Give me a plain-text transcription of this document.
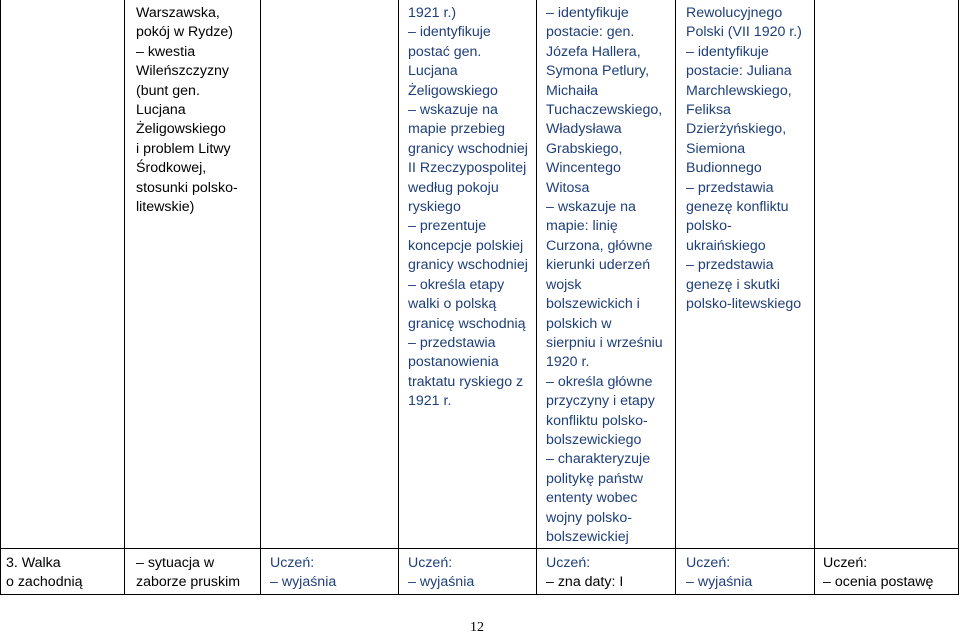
Warszawska,
pokój w Rydze)
– kwestia
Wileńszczyzny
(bunt gen.
Lucjana
Żeligowskiego
i problem Litwy
Środkowej,
stosunki polsko-
litewskie)
1921 r.)
– identyfikuje
postać gen.
Lucjana
Żeligowskiego
– wskazuje na
mapie przebieg
granicy wschodniej
II Rzeczypospolitej
według pokoju
ryskiego
– prezentuje
koncepcje polskiej
granicy wschodniej
– określa etapy
walki o polską
granicę wschodnią
– przedstawia
postanowienia
traktatu ryskiego z
1921 r.
– identyfikuje
postacie: gen.
Józefa Hallera,
Symona Petlury,
Michaiła
Tuchaczewskiego,
Władysława
Grabskiego,
Wincentego
Witosa
– wskazuje na
mapie: linię
Curzona, główne
kierunki uderzeń
wojsk
bolszewickich i
polskich w
sierpniu i wrześniu
1920 r.
– określa główne
przyczyny i etapy
konfliktu polsko-
bolszewickiego
– charakteryzuje
politykę państw
ententy wobec
wojny polsko-
bolszewickiej
Rewolucyjnego
Polski (VII 1920 r.)
– identyfikuje
postacie: Juliana
Marchlewskiego,
Feliksa
Dzierżyńskiego,
Siemiona
Budionnego
– przedstawia
genezę konfliktu
polsko-
ukraińskiego
– przedstawia
genezę i skutki
polsko-litewskiego
3. Walka
o zachodnią
– sytuacja w
zaborze pruskim
Uczeń:
– wyjaśnia
Uczeń:
– wyjaśnia
Uczeń:
– zna daty: I
Uczeń:
– wyjaśnia
Uczeń:
– ocenia postawę
12
